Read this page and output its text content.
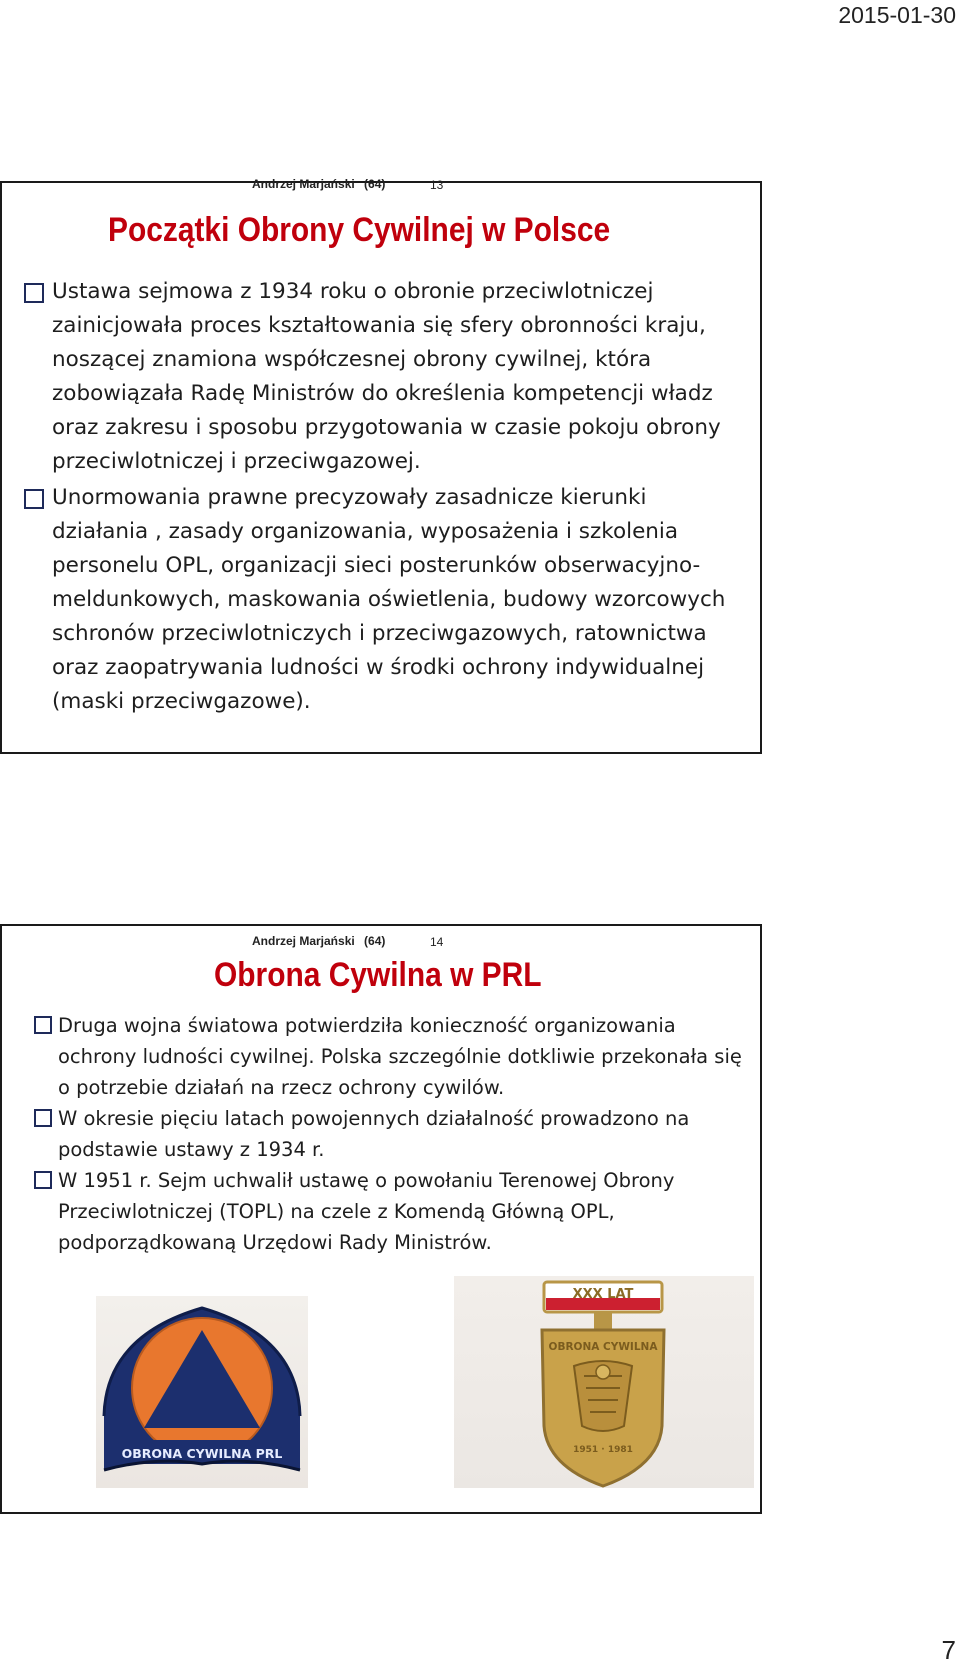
2015-01-30
Andrzej Marjański (64)	13
Początki Obrony Cywilnej w Polsce
Ustawa sejmowa z 1934 roku o obronie przeciwlotniczej zainicjowała proces kształtowania się sfery obronności kraju, noszącej znamiona współczesnej obrony cywilnej, która zobowiązała Radę Ministrów do określenia kompetencji władz oraz zakresu i sposobu przygotowania w czasie pokoju obrony przeciwlotniczej i przeciwgazowej.
Unormowania prawne precyzowały zasadnicze kierunki działania , zasady organizowania, wyposażenia i szkolenia personelu OPL, organizacji sieci posterunków obserwacyjno-meldunkowych, maskowania oświetlenia, budowy wzorcowych schronów przeciwlotniczych i przeciwgazowych, ratownictwa oraz zaopatrywania ludności w środki ochrony indywidualnej (maski przeciwgazowe).
Andrzej Marjański (64)	14
Obrona Cywilna w PRL
Druga wojna światowa potwierdziła konieczność organizowania ochrony ludności cywilnej. Polska szczególnie dotkliwie przekonała się o potrzebie działań na rzecz ochrony cywilów.
W okresie pięciu latach powojennych działalność prowadzono na podstawie ustawy z 1934 r.
W 1951 r. Sejm uchwalił ustawę o powołaniu Terenowej Obrony Przeciwlotniczej (TOPL) na czele z Komendą Główną OPL, podporządkowaną Urzędowi Rady Ministrów.
OBRONA CYWILNA PRL
XXX LAT
OBRONA CYWILNA
1951 · 1981
7
